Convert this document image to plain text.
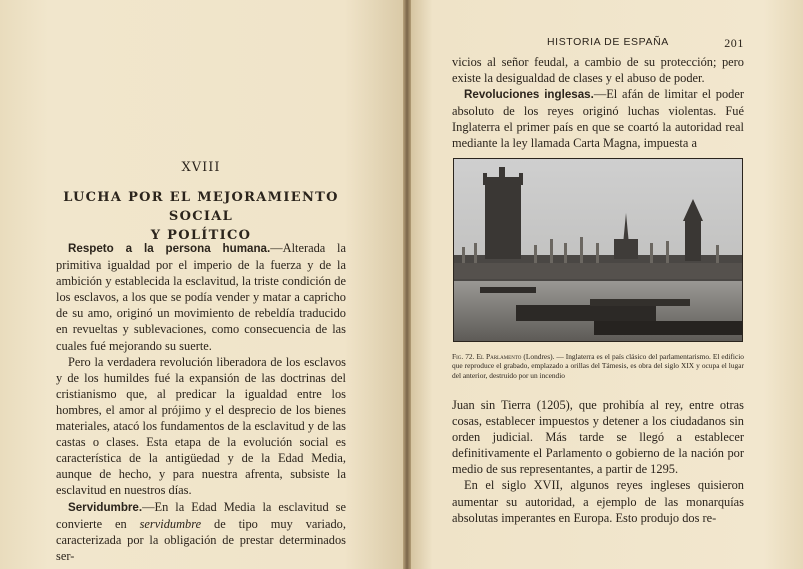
XVIII
LUCHA POR EL MEJORAMIENTO SOCIAL
Y POLÍTICO

Respeto a la persona humana.—Alterada la primitiva igualdad por el imperio de la fuerza y de la ambición y establecida la esclavitud, la triste condición de los esclavos, a los que se podía vender y matar a capricho de su amo, originó un movimiento de rebeldía traducido en revueltas y sublevaciones, como consecuencia de las cuales fué mejorando su suerte.

Pero la verdadera revolución liberadora de los esclavos y de los humildes fué la expansión de las doctrinas del cristianismo que, al predicar la igualdad entre los hombres, el amor al prójimo y el desprecio de los bienes materiales, atacó los fundamentos de la esclavitud y de las castas o clases. Esta etapa de la evolución social es característica de la antigüedad y de la Edad Media, aunque de hecho, y para nuestra afrenta, subsiste la esclavitud en nuestros días.

Servidumbre.—En la Edad Media la esclavitud se convierte en servidumbre de tipo muy variado, caracterizada por la obligación de prestar determinados ser-

HISTORIA DE ESPAÑA	201

vicios al señor feudal, a cambio de su protección; pero existe la desigualdad de clases y el abuso de poder.

Revoluciones inglesas.—El afán de limitar el poder absoluto de los reyes originó luchas violentas. Fué Inglaterra el primer país en que se coartó la autoridad real mediante la ley llamada Carta Magna, impuesta a

Fig. 72. El Parlamento (Londres). — Inglaterra es el país clásico del parlamentarismo. El edificio que reproduce el grabado, emplazado a orillas del Támesis, es obra del siglo XIX y ocupa el lugar del anterior, destruido por un incendio

Juan sin Tierra (1205), que prohibía al rey, entre otras cosas, establecer impuestos y detener a los ciudadanos sin orden judicial. Más tarde se llegó a establecer definitivamente el Parlamento o gobierno de la nación por medio de sus representantes, a partir de 1295.

En el siglo XVII, algunos reyes ingleses quisieron aumentar su autoridad, a ejemplo de las monarquías absolutas imperantes en Europa. Esto produjo dos re-
